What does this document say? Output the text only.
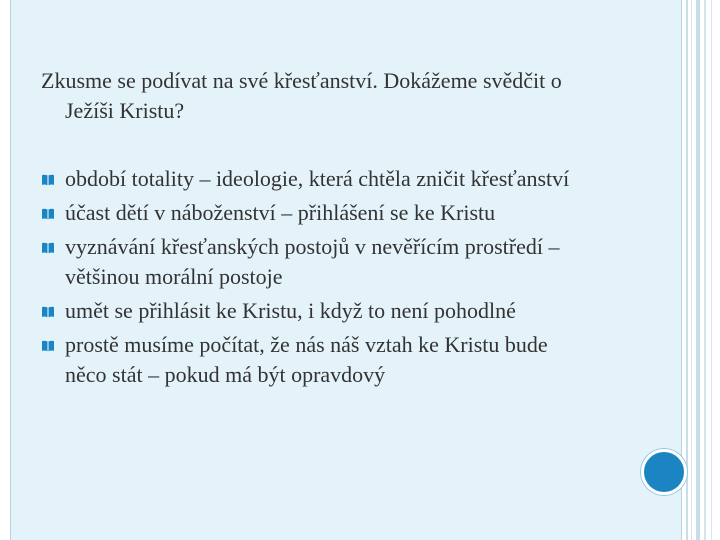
Zkusme se podívat na své křesťanství. Dokážeme svědčit o
Ježíši Kristu?
období totality – ideologie, která chtěla zničit křesťanství
účast dětí v náboženství – přihlášení se ke Kristu
vyznávání křesťanských postojů v nevěřícím prostředí –
většinou morální postoje
umět se přihlásit ke Kristu, i když to není pohodlné
prostě musíme počítat, že nás náš vztah ke Kristu bude
něco stát – pokud má být opravdový
